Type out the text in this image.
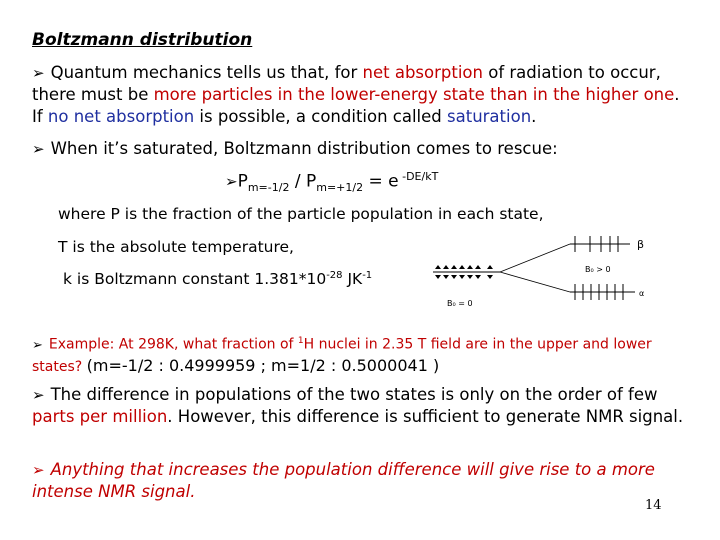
Boltzmann distribution
➢ Quantum mechanics tells us that, for net absorption of radiation to occur, there must be more particles in the lower-energy state than in the higher one. If no net absorption is possible, a condition called saturation.
➢ When it’s saturated, Boltzmann distribution comes to rescue:
$➢P_{m=-1/2} / P_{m=+1/2} = e$ $^{-DE/kT}$
where P is the fraction of the particle population in each state,
T is the absolute temperature,
k is Boltzmann constant $1.381*10^{-28}$ $JK^{-1}$
β
B₀ > 0
α
B₀ = 0
➢ Example: At 298K, what fraction of $^1$H nuclei in 2.35 T field are in the upper and lower states? (m=-1/2 : 0.4999959 ; m=1/2 : 0.5000041 )
➢ The difference in populations of the two states is only on the order of few parts per million. However, this difference is sufficient to generate NMR signal.
➢ Anything that increases the population difference will give rise to a more intense NMR signal.
14
